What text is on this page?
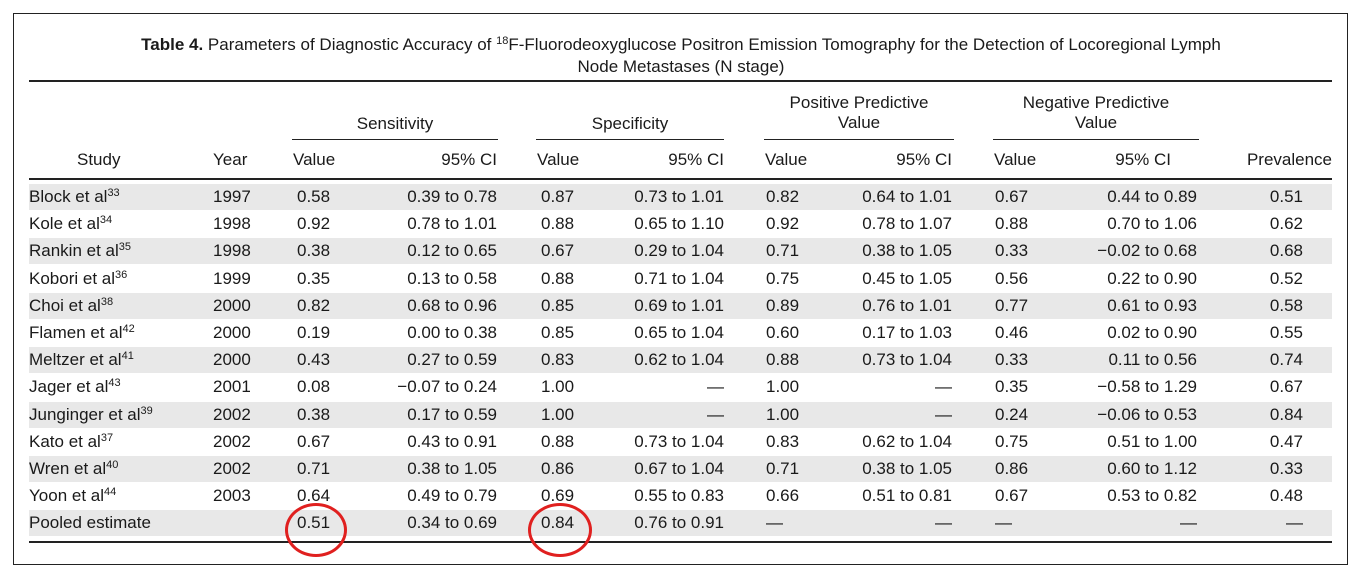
Table 4. Parameters of Diagnostic Accuracy of $^{18}$F-Fluorodeoxyglucose Positron Emission Tomography for the Detection of Locoregional Lymph
Node Metastases (N stage)
Sensitivity	Specificity
Positive Predictive
Value
Negative Predictive
Value
Study	Year	Value	95% CI Value	95% CI Value	95% CI Value	95% CI	Prevalence
Block et $al^{33}$	1997	0.58	0.39 to 0.78	0.87	0.73 to 1.01 0.82	0.64 to 1.01	0.67	0.44 to 0.89	0.51
Kole et $al^{34}$	1998	0.92	0.78 to 1.01	0.88	0.65 to 1.10 0.92	0.78 to 1.07	0.88	0.70 to 1.06	0.62
Rankin et $al^{35}$	1998	0.38	0.12 to 0.65	0.67	0.29 to 1.04 0.71	0.38 to 1.05	0.33	−0.02 to 0.68	0.68
Kobori et $al^{36}$	1999	0.35	0.13 to 0.58	0.88	0.71 to 1.04 0.75	0.45 to 1.05	0.56	0.22 to 0.90	0.52
Choi et $al^{38}$	2000	0.82	0.68 to 0.96	0.85	0.69 to 1.01 0.89	0.76 to 1.01	0.77	0.61 to 0.93	0.58
Flamen et $al^{42}$	2000	0.19	0.00 to 0.38	0.85	0.65 to 1.04 0.60	0.17 to 1.03	0.46	0.02 to 0.90	0.55
Meltzer et $al^{41}$	2000	0.43	0.27 to 0.59	0.83	0.62 to 1.04 0.88	0.73 to 1.04	0.33	0.11 to 0.56	0.74
Jager et $al^{43}$	2001	0.08	−0.07 to 0.24	1.00	— 1.00	—	0.35	−0.58 to 1.29	0.67
Junginger et $al^{39}$	2002	0.38	0.17 to 0.59	1.00	— 1.00	—	0.24	−0.06 to 0.53	0.84
Kato et $al^{37}$	2002	0.67	0.43 to 0.91	0.88	0.73 to 1.04 0.83	0.62 to 1.04	0.75	0.51 to 1.00	0.47
Wren et $al^{40}$	2002	0.71	0.38 to 1.05	0.86	0.67 to 1.04 0.71	0.38 to 1.05	0.86	0.60 to 1.12	0.33
Yoon et $al^{44}$	2003	0.64	0.49 to 0.79	0.69	0.55 to 0.83 0.66	0.51 to 0.81	0.67	0.53 to 0.82	0.48
Pooled estimate	0.51	0.34 to 0.69	0.84	0.76 to 0.91 —	—	—	—	—
